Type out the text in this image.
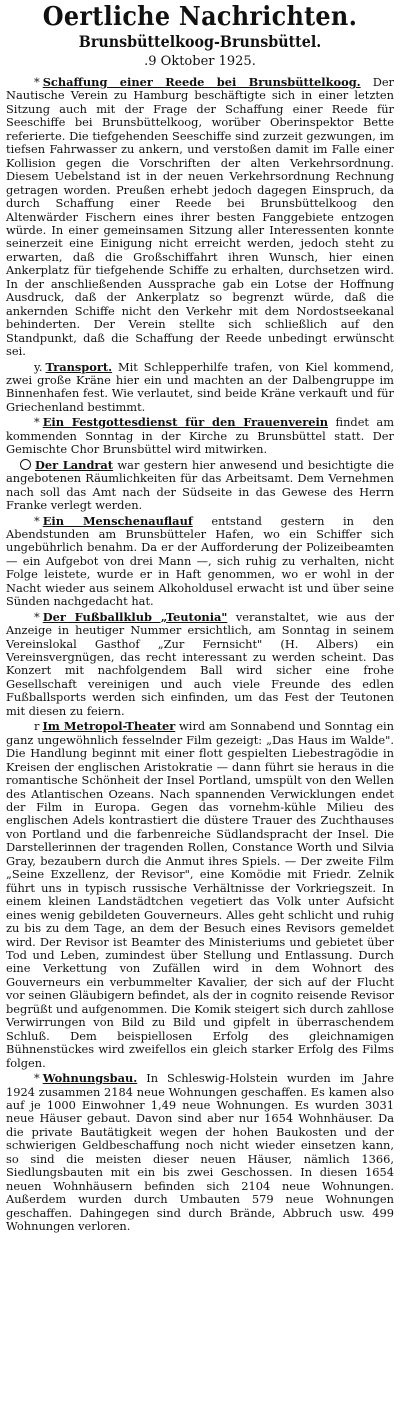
Oertliche Nachrichten.
Brunsbüttelkoog-Brunsbüttel.
.9 Oktober 1925.

* Schaffung einer Reede bei Brunsbüttelkoog. Der Nautische Verein zu Hamburg beschäftigte sich in einer letzten Sitzung auch mit der Frage der Schaffung einer Reede für Seeschiffe bei Brunsbüttelkoog, worüber Oberinspektor Bette referierte. Die tiefgehenden Seeschiffe sind zurzeit gezwungen, im tiefsen Fahrwasser zu ankern, und verstoßen damit im Falle einer Kollision gegen die Vorschriften der alten Verkehrsordnung. Diesem Uebelstand ist in der neuen Verkehrsordnung Rechnung getragen worden. Preußen erhebt jedoch dagegen Einspruch, da durch Schaffung einer Reede bei Brunsbüttelkoog den Altenwärder Fischern eines ihrer besten Fanggebiete entzogen würde. In einer gemeinsamen Sitzung aller Interessenten konnte seinerzeit eine Einigung nicht erreicht werden, jedoch steht zu erwarten, daß die Großschiffahrt ihren Wunsch, hier einen Ankerplatz für tiefgehende Schiffe zu erhalten, durchsetzen wird. In der anschließenden Aussprache gab ein Lotse der Hoffnung Ausdruck, daß der Ankerplatz so begrenzt würde, daß die ankernden Schiffe nicht den Verkehr mit dem Nordostseekanal behinderten. Der Verein stellte sich schließlich auf den Standpunkt, daß die Schaffung der Reede unbedingt erwünscht sei.

y. Transport. Mit Schlepperhilfe trafen, von Kiel kommend, zwei große Kräne hier ein und machten an der Dalbengruppe im Binnenhafen fest. Wie verlautet, sind beide Kräne verkauft und für Griechenland bestimmt.

* Ein Festgottesdienst für den Frauenverein findet am kommenden Sonntag in der Kirche zu Brunsbüttel statt. Der Gemischte Chor Brunsbüttel wird mitwirken.

Der Landrat war gestern hier anwesend und besichtigte die angebotenen Räumlichkeiten für das Arbeitsamt. Dem Vernehmen nach soll das Amt nach der Südseite in das Gewese des Herrn Franke verlegt werden.

* Ein Menschenauflauf entstand gestern in den Abendstunden am Brunsbütteler Hafen, wo ein Schiffer sich ungebührlich benahm. Da er der Aufforderung der Polizeibeamten — ein Aufgebot von drei Mann —, sich ruhig zu verhalten, nicht Folge leistete, wurde er in Haft genommen, wo er wohl in der Nacht wieder aus seinem Alkoholdusel erwacht ist und über seine Sünden nachgedacht hat.

* Der Fußballklub „Teutonia" veranstaltet, wie aus der Anzeige in heutiger Nummer ersichtlich, am Sonntag in seinem Vereinslokal Gasthof „Zur Fernsicht" (H. Albers) ein Vereinsvergnügen, das recht interessant zu werden scheint. Das Konzert mit nachfolgendem Ball wird sicher eine frohe Gesellschaft vereinigen und auch viele Freunde des edlen Fußballsports werden sich einfinden, um das Fest der Teutonen mit diesen zu feiern.

r Im Metropol-Theater wird am Sonnabend und Sonntag ein ganz ungewöhnlich fesselnder Film gezeigt: „Das Haus im Walde". Die Handlung beginnt mit einer flott gespielten Liebestragödie in Kreisen der englischen Aristokratie — dann führt sie heraus in die romantische Schönheit der Insel Portland, umspült von den Wellen des Atlantischen Ozeans. Nach spannenden Verwicklungen endet der Film in Europa. Gegen das vornehm-kühle Milieu des englischen Adels kontrastiert die düstere Trauer des Zuchthauses von Portland und die farbenreiche Südlandspracht der Insel. Die Darstellerinnen der tragenden Rollen, Constance Worth und Silvia Gray, bezaubern durch die Anmut ihres Spiels. — Der zweite Film „Seine Exzellenz, der Revisor", eine Komödie mit Friedr. Zelnik führt uns in typisch russische Verhältnisse der Vorkriegszeit. In einem kleinen Landstädtchen vegetiert das Volk unter Aufsicht eines wenig gebildeten Gouverneurs. Alles geht schlicht und ruhig zu bis zu dem Tage, an dem der Besuch eines Revisors gemeldet wird. Der Revisor ist Beamter des Ministeriums und gebietet über Tod und Leben, zumindest über Stellung und Entlassung. Durch eine Verkettung von Zufällen wird in dem Wohnort des Gouverneurs ein verbummelter Kavalier, der sich auf der Flucht vor seinen Gläubigern befindet, als der in cognito reisende Revisor begrüßt und aufgenommen. Die Komik steigert sich durch zahllose Verwirrungen von Bild zu Bild und gipfelt in überraschendem Schluß. Dem beispiellosen Erfolg des gleichnamigen Bühnenstückes wird zweifellos ein gleich starker Erfolg des Films folgen.

* Wohnungsbau. In Schleswig-Holstein wurden im Jahre 1924 zusammen 2184 neue Wohnungen geschaffen. Es kamen also auf je 1000 Einwohner 1,49 neue Wohnungen. Es wurden 3031 neue Häuser gebaut. Davon sind aber nur 1654 Wohnhäuser. Da die private Bautätigkeit wegen der hohen Baukosten und der schwierigen Geldbeschaffung noch nicht wieder einsetzen kann, so sind die meisten dieser neuen Häuser, nämlich 1366, Siedlungsbauten mit ein bis zwei Geschossen. In diesen 1654 neuen Wohnhäusern befinden sich 2104 neue Wohnungen. Außerdem wurden durch Umbauten 579 neue Wohnungen geschaffen. Dahingegen sind durch Brände, Abbruch usw. 499 Wohnungen verloren.
